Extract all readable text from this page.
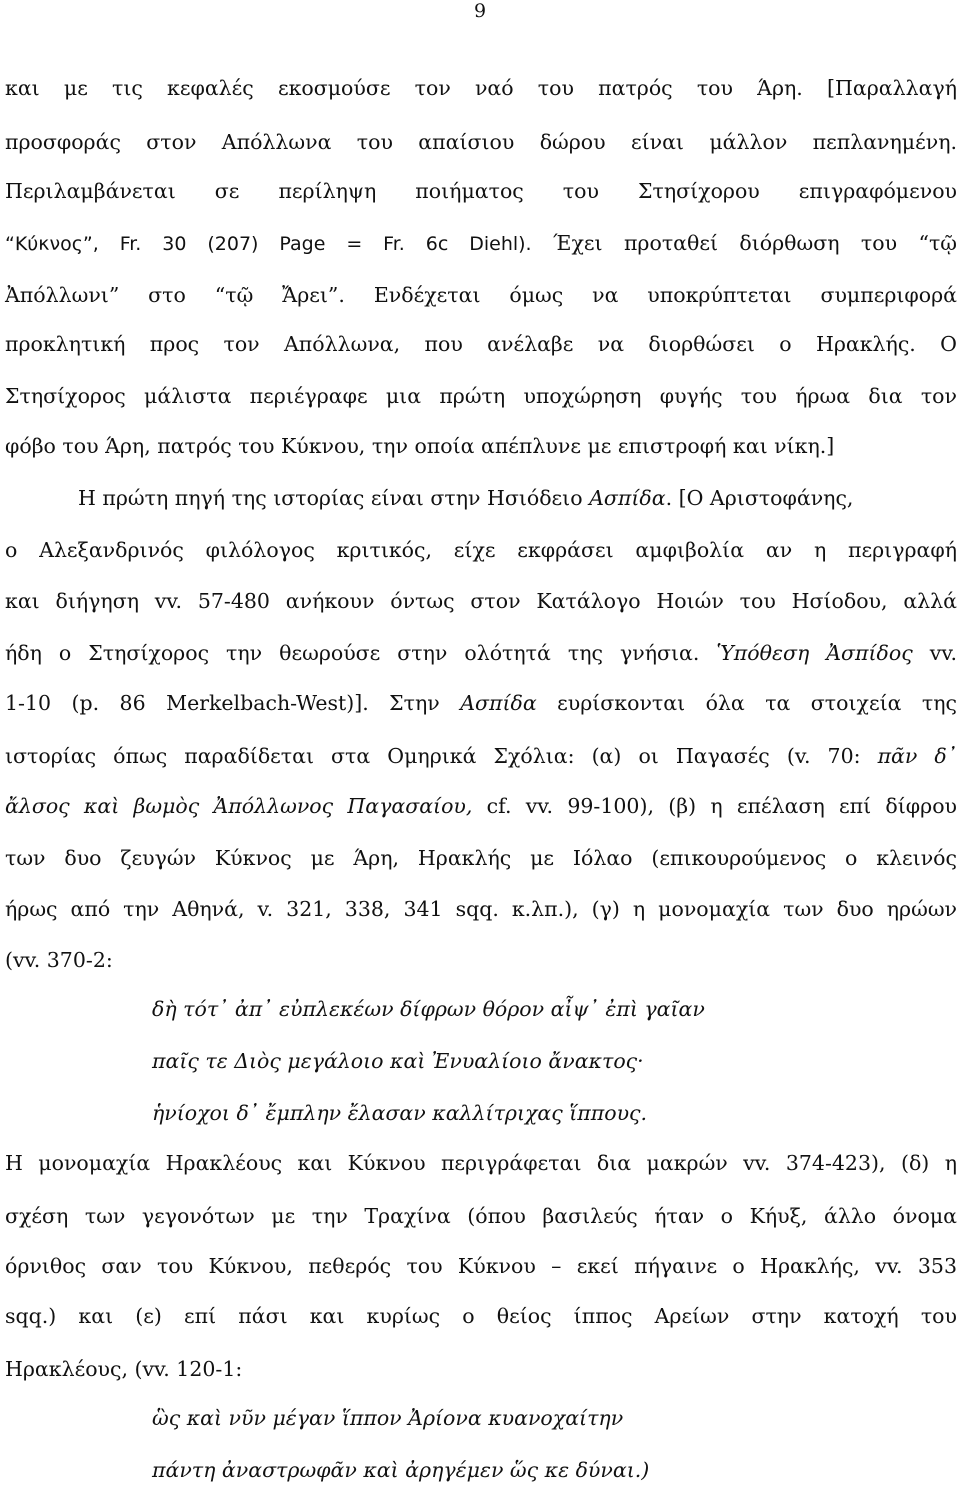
9
και με τις κεφαλές εκοσμούσε τον ναό του πατρός του Άρη. [Παραλλαγή
προσφοράς στον Απόλλωνα του απαίσιου δώρου είναι μάλλον πεπλανημένη.
Περιλαμβάνεται σε περίληψη ποιήματος του Στησίχορου επιγραφόμενου
“Κύκνος”, Fr. 30 (207) Page = Fr. 6c Diehl). Έχει προταθεί διόρθωση του “τῷ
Ἀπόλλωνι” στο “τῷ Ἄρει”. Ενδέχεται όμως να υποκρύπτεται συμπεριφορά
προκλητική προς τον Απόλλωνα, που ανέλαβε να διορθώσει ο Ηρακλής. Ο
Στησίχορος μάλιστα περιέγραφε μια πρώτη υποχώρηση φυγής του ήρωα δια τον
φόβο του Άρη, πατρός του Κύκνου, την οποία απέπλυνε με επιστροφή και νίκη.]
Η πρώτη πηγή της ιστορίας είναι στην Ησιόδειο Ασπίδα. [Ο Αριστοφάνης,
ο Αλεξανδρινός φιλόλογος κριτικός, είχε εκφράσει αμφιβολία αν η περιγραφή
και διήγηση vv. 57-480 ανήκουν όντως στον Κατάλογο Ηοιών του Ησίοδου, αλλά
ήδη ο Στησίχορος την θεωρούσε στην ολότητά της γνήσια. Ὑπόθεση Ἀσπίδος vv.
1-10 (p. 86 Merkelbach-West)]. Στην Ασπίδα ευρίσκονται όλα τα στοιχεία της
ιστορίας όπως παραδίδεται στα Ομηρικά Σχόλια: (α) οι Παγασές (v. 70: πᾶν δ᾽
ἄλσος καὶ βωμὸς Ἀπόλλωνος Παγασαίου, cf. vv. 99-100), (β) η επέλαση επί δίφρου
των δυο ζευγών Κύκνος με Άρη, Ηρακλής με Ιόλαο (επικουρούμενος ο κλεινός
ήρως από την Αθηνά, v. 321, 338, 341 sqq. κ.λπ.), (γ) η μονομαχία των δυο ηρώων
(vv. 370-2:
δὴ τότ᾽ ἀπ᾽ εὐπλεκέων δίφρων θόρον αἶψ᾽ ἐπὶ γαῖαν
παῖς τε Διὸς μεγάλοιο καὶ Ἐνυαλίοιο ἄνακτος·
ἡνίοχοι δ᾽ ἔμπλην ἔλασαν καλλίτριχας ἵππους.
Η μονομαχία Ηρακλέους και Κύκνου περιγράφεται δια μακρών vv. 374-423), (δ) η
σχέση των γεγονότων με την Τραχίνα (όπου βασιλεύς ήταν ο Κήυξ, άλλο όνομα
όρνιθος σαν του Κύκνου, πεθερός του Κύκνου – εκεί πήγαινε ο Ηρακλής, vv. 353
sqq.) και (ε) επί πάσι και κυρίως ο θείος ίππος Αρείων στην κατοχή του
Ηρακλέους, (vv. 120-1:
ὣς καὶ νῦν μέγαν ἵππον Ἀρίονα κυανοχαίτην
πάντη ἀναστρωφᾶν καὶ ἀρηγέμεν ὥς κε δύναι.)
